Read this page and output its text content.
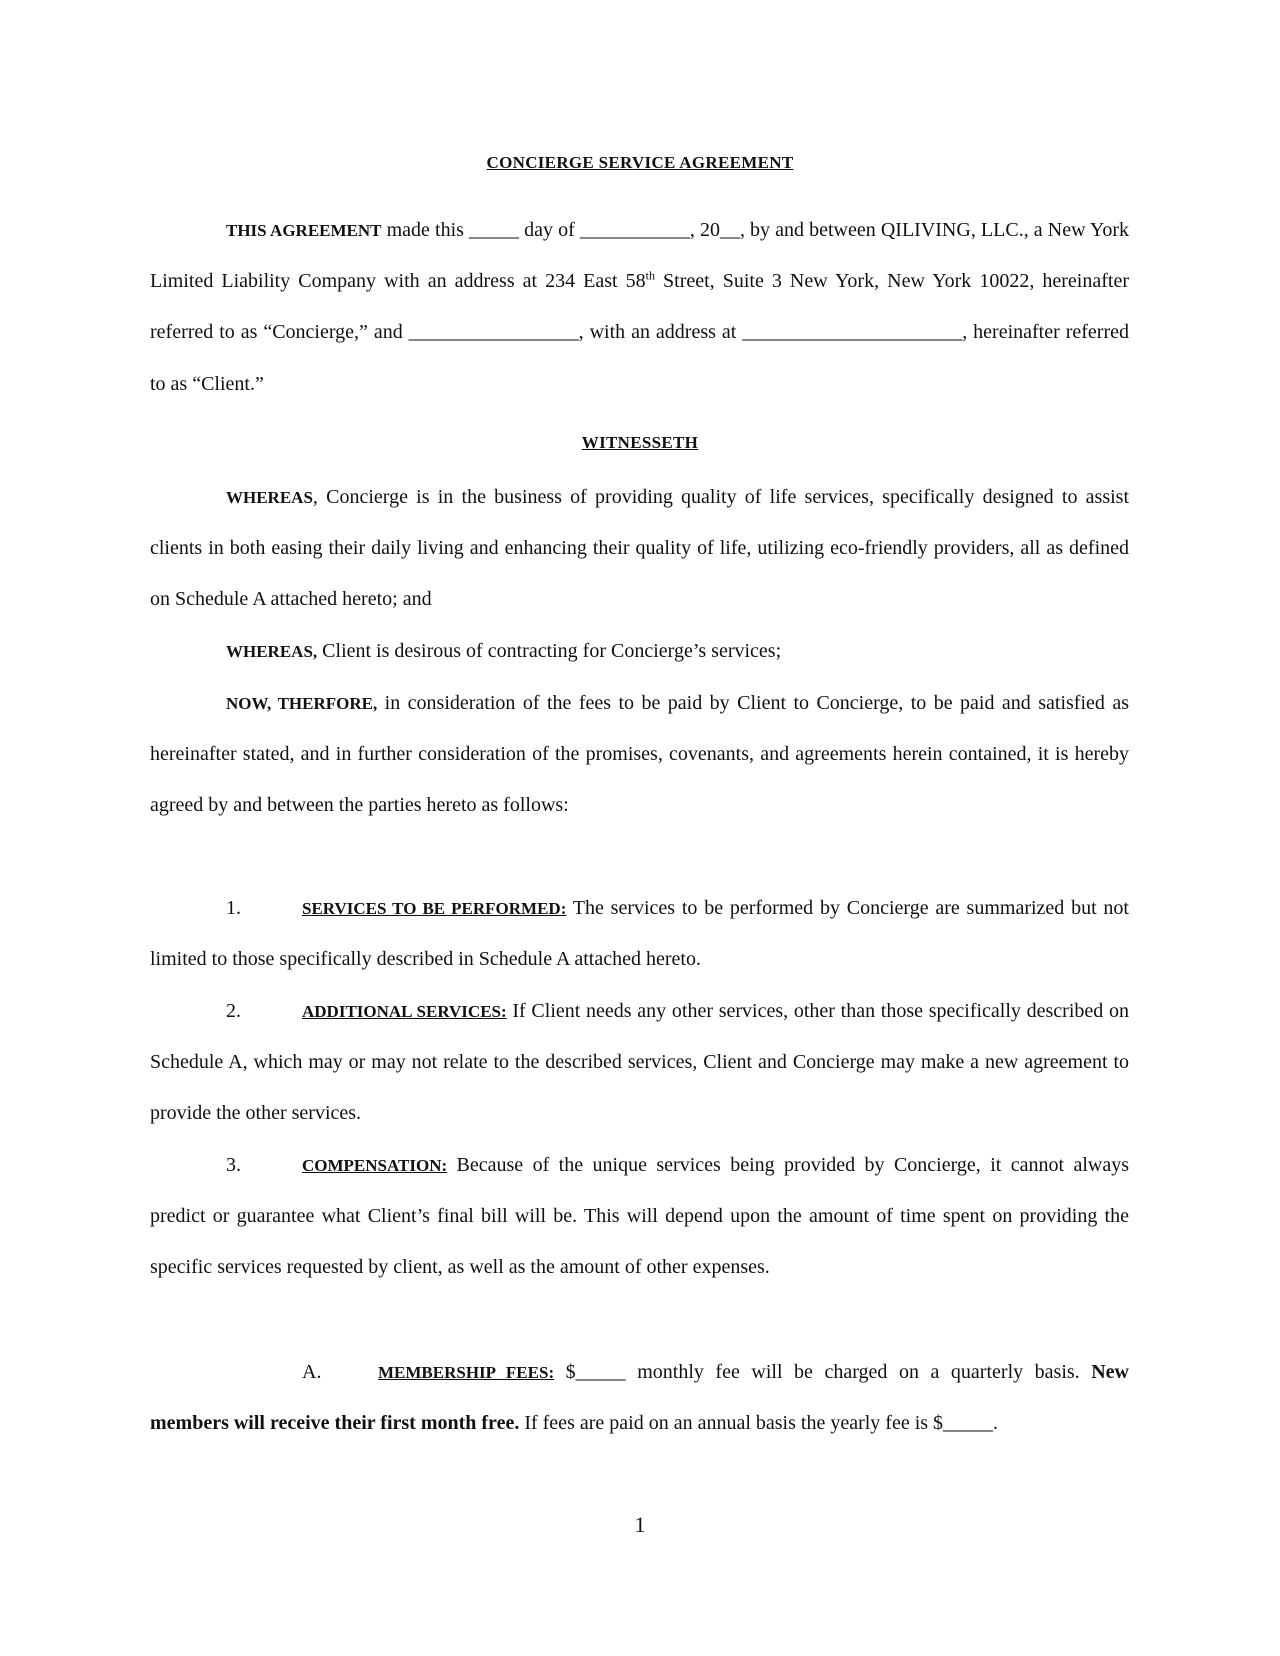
CONCIERGE SERVICE AGREEMENT

THIS AGREEMENT made this _____ day of ___________, 20__, by and between QILIVING, LLC., a New York Limited Liability Company with an address at 234 East 58th Street, Suite 3 New York, New York 10022, hereinafter referred to as “Concierge,” and _________________, with an address at ______________________, hereinafter referred to as “Client.”

WITNESSETH

WHEREAS, Concierge is in the business of providing quality of life services, specifically designed to assist clients in both easing their daily living and enhancing their quality of life, utilizing eco-friendly providers, all as defined on Schedule A attached hereto; and

WHEREAS, Client is desirous of contracting for Concierge’s services;

NOW, THERFORE, in consideration of the fees to be paid by Client to Concierge, to be paid and satisfied as hereinafter stated, and in further consideration of the promises, covenants, and agreements herein contained, it is hereby agreed by and between the parties hereto as follows:

1.	SERVICES TO BE PERFORMED: The services to be performed by Concierge are summarized but not limited to those specifically described in Schedule A attached hereto.

2.	ADDITIONAL SERVICES: If Client needs any other services, other than those specifically described on Schedule A, which may or may not relate to the described services, Client and Concierge may make a new agreement to provide the other services.

3.	COMPENSATION: Because of the unique services being provided by Concierge, it cannot always predict or guarantee what Client’s final bill will be. This will depend upon the amount of time spent on providing the specific services requested by client, as well as the amount of other expenses.

A.	MEMBERSHIP FEES: $_____ monthly fee will be charged on a quarterly basis. New members will receive their first month free. If fees are paid on an annual basis the yearly fee is $_____.

1
